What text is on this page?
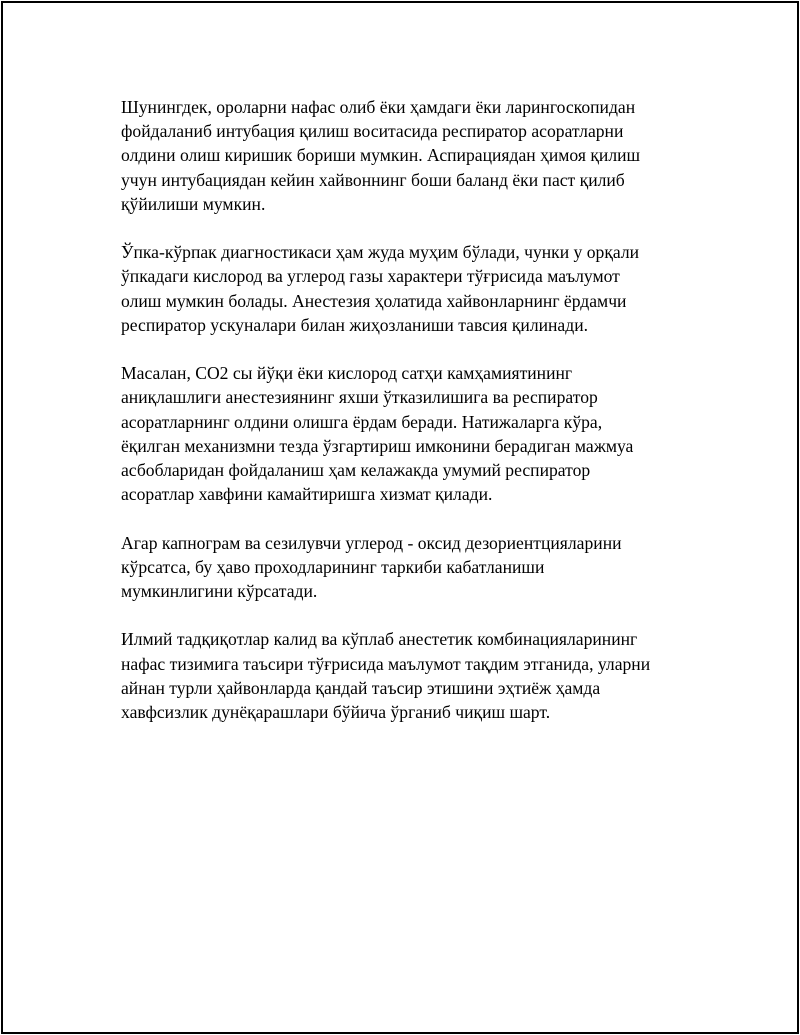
Шунингдек, ороларни нафас олиб ёки ҳамдаги ёки ларингоскопидан
фойдаланиб интубация қилиш воситасида респиратор асоратларни
олдини олиш киришик бориши мумкин. Аспирациядан ҳимоя қилиш
учун интубациядан кейин хайвоннинг боши баланд ёки паст қилиб
қўйилиши мумкин.

Ўпка-кўрпак диагностикаси ҳам жуда муҳим бўлади, чунки у орқали
ўпкадаги кислород ва углерод газы характери тўғрисида маълумот
олиш мумкин болады. Анестезия ҳолатида хайвонларнинг ёрдамчи
респиратор ускуналари билан жиҳозланиши тавсия қилинади.

Масалан, CO2 сы йўқи ёки кислород сатҳи камҳамиятининг
аниқлашлиги анестезиянинг яхши ўтказилишига ва респиратор
асоратларнинг олдини олишга ёрдам беради. Натижаларга кўра,
ёқилган механизмни тезда ўзгартириш имконини берадиган мажмуа
асбобларидан фойдаланиш ҳам келажакда умумий респиратор
асоратлар хавфини камайтиришга хизмат қилади.

Агар капнограм ва сезилувчи углерод - оксид дезориентцияларини
кўрсатса, бу ҳаво проходларининг таркиби кабатланиши
мумкинлигини кўрсатади.

Илмий тадқиқотлар калид ва кўплаб анестетик комбинацияларининг
нафас тизимига таъсири тўғрисида маълумот тақдим этганида, уларни
айнан турли ҳайвонларда қандай таъсир этишини эҳтиёж ҳамда
хавфсизлик дунёқарашлари бўйича ўрганиб чиқиш шарт.
